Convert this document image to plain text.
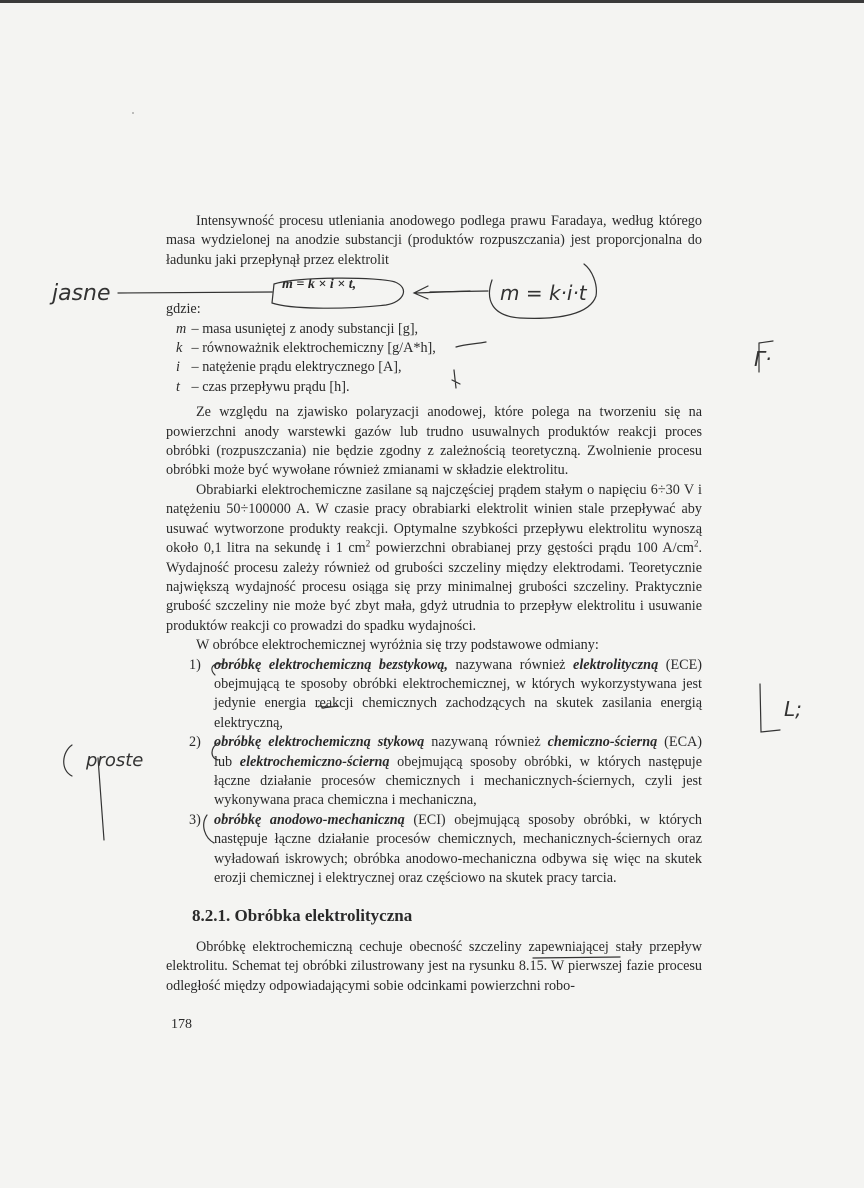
Intensywność procesu utleniania anodowego podlega prawu Faradaya, według którego masa wydzielonej na anodzie substancji (produktów rozpuszczania) jest proporcjonalna do ładunku jaki przepłynął przez elektrolit

m = k × i × t,

gdzie:

m – masa usuniętej z anody substancji [g],
k – równoważnik elektrochemiczny [g/A*h],
i – natężenie prądu elektrycznego [A],
t – czas przepływu prądu [h].

Ze względu na zjawisko polaryzacji anodowej, które polega na tworzeniu się na powierzchni anody warstewki gazów lub trudno usuwalnych produktów reakcji proces obróbki (rozpuszczania) nie będzie zgodny z zależnością teoretyczną. Zwolnienie procesu obróbki może być wywołane również zmianami w składzie elektrolitu.

Obrabiarki elektrochemiczne zasilane są najczęściej prądem stałym o napięciu 6÷30 V i natężeniu 50÷100000 A. W czasie pracy obrabiarki elektrolit winien stale przepływać aby usuwać wytworzone produkty reakcji. Optymalne szybkości przepływu elektrolitu wynoszą około 0,1 litra na sekundę i 1 $cm^2$ powierzchni obrabianej przy gęstości prądu 100 $A/cm^2$. Wydajność procesu zależy również od grubości szczeliny między elektrodami. Teoretycznie największą wydajność procesu osiąga się przy minimalnej grubości szczeliny. Praktycznie grubość szczeliny nie może być zbyt mała, gdyż utrudnia to przepływ elektrolitu i usuwanie produktów reakcji co prowadzi do spadku wydajności.

W obróbce elektrochemicznej wyróżnia się trzy podstawowe odmiany:

1) obróbkę elektrochemiczną bezstykową, nazywana również elektrolityczną (ECE) obejmującą te sposoby obróbki elektrochemicznej, w których wykorzystywana jest jedynie energia reakcji chemicznych zachodzących na skutek zasilania energią elektryczną,
2) obróbkę elektrochemiczną stykową nazywaną również chemiczno-ścierną (ECA) lub elektrochemiczno-ścierną obejmującą sposoby obróbki, w których następuje łączne działanie procesów chemicznych i mechanicznych-ściernych, czyli jest wykonywana praca chemiczna i mechaniczna,
3) obróbkę anodowo-mechaniczną (ECI) obejmującą sposoby obróbki, w których następuje łączne działanie procesów chemicznych, mechanicznych-ściernych oraz wyładowań iskrowych; obróbka anodowo-mechaniczna odbywa się więc na skutek erozji chemicznej i elektrycznej oraz częściowo na skutek pracy tarcia.
8.2.1. Obróbka elektrolityczna

Obróbkę elektrochemiczną cechuje obecność szczeliny zapewniającej stały przepływ elektrolitu. Schemat tej obróbki zilustrowany jest na rysunku 8.15. W pierwszej fazie procesu odległość między odpowiadającymi sobie odcinkami powierzchni robo-

178
jasne	m = k·i·t
proste
Γ·
L;
